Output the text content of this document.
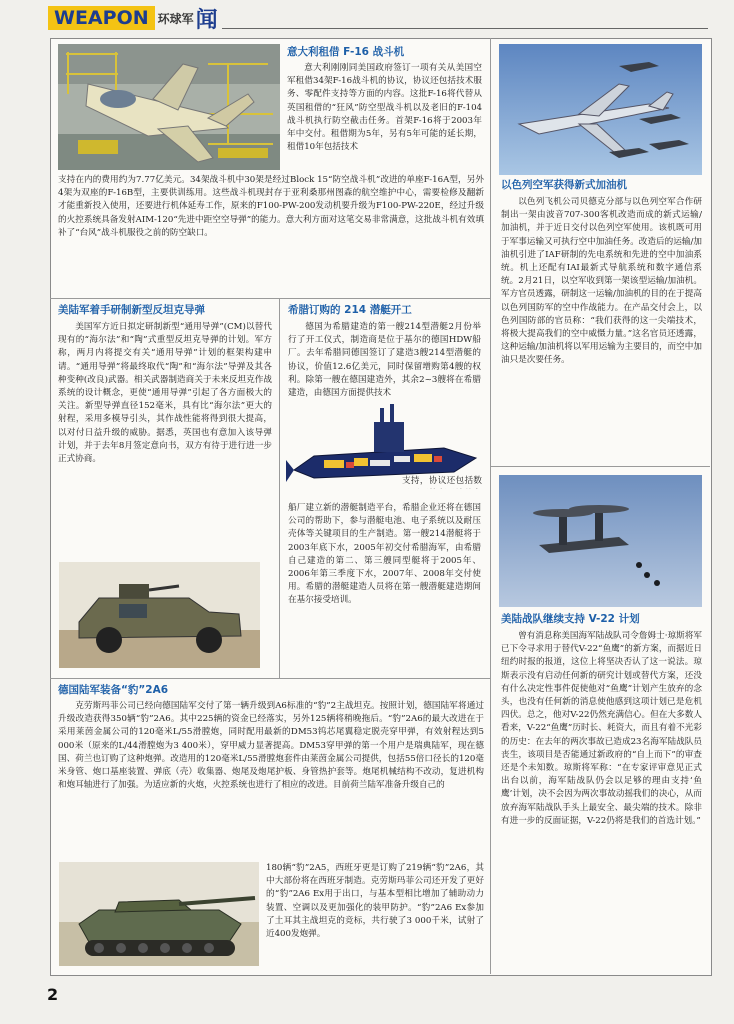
WEAPON 环球军 闻
意大利租借 F-16 战斗机

意大利刚刚同美国政府签订一项有关从美国空军租借34架F-16战斗机的协议，协议还包括技术服务、零配件支持等方面的内容。这批F-16将代替从英国租借的“狂风”防空型战斗机以及老旧的F-104战斗机执行防空截击任务。首架F-16将于2003年年中交付。租借期为5年，另有5年可能的延长期，租借10年包括技术

支持在内的费用约为7.77亿美元。34架战斗机中30架是经过Block 15“防空战斗机”改进的单座F-16A型，另外4架为双座的F-16B型，主要供训练用。这些战斗机现封存于亚利桑那州图森的航空维护中心，需要检修及翻新才能重新投入使用，还要进行机体延寿工作，原来的F100-PW-200发动机要升级为F100-PW-220E，经过升级的火控系统具备发射AIM-120“先进中距空空导弹”的能力。意大利方面对这笔交易非常满意，这批战斗机有效填补了“台风”战斗机服役之前的防空缺口。

以色列空军获得新式加油机

以色列飞机公司贝德克分部与以色列空军合作研制出一架由波音707-300客机改造而成的新式运输/加油机，并于近日交付以色列空军使用。该机既可用于军事运输又可执行空中加油任务。改造后的运输/加油机引进了IAF研制的先电系统和先进的空中加油系统。机上还配有IAI最新式导航系统和数字通信系统。2月21日，以空军收到第一架该型运输/加油机。军方官员透露，研制这一运输/加油机的目的在于提高以色列国防军的空中作战能力。在产品交付会上，以色列国防部的官员称：“我们获得的这一尖端技术，将极大提高我们的空中威慑力量。”这名官员还透露，这种运输/加油机将以军用运输为主要目的，而空中加油只是次要任务。

美陆军着手研制新型反坦克导弹

美国军方近日拟定研制新型“通用导弹”(CM)以替代现有的“海尔法”和“陶”式重型反坦克导弹的计划。军方称，两月内将提交有关“通用导弹”计划的框架构建申请。“通用导弹”将最终取代“陶”和“海尔法”导弹及其各种变种(改良)武器。相关武器制造商关于未来反坦克作战系统的设计概念，更使“通用导弹”引起了各方面极大的关注。新型导弹直径152毫米，具有比“海尔法”更大的射程，采用多模导引头，其作战性能将得到很大提高，以对付日益升级的威胁。据悉，英国也有意加入该导弹计划，并于去年8月签定意向书，双方有待于进行进一步正式协商。

希腊订购的 214 潜艇开工

德国为希腊建造的第一艘214型潜艇2月份举行了开工仪式，制造商是位于基尔的德国HDW船厂。去年希腊同德国签订了建造3艘214型潜艇的协议，价值12.6亿美元，同时保留增购第4艘的权利。除第一艘在德国建造外，其余2~3艘将在希腊建造，由德国方面提供技术

支持，协议还包括数

船厂建立新的潜艇制造平台，希腊企业还将在德国公司的帮助下，参与潜艇电池、电子系统以及耐压壳体等关键项目的生产制造。第一艘214潜艇将于2003年底下水，2005年初交付希腊海军，由希腊自己建造的第二、第三艘同型艇将于2005年、2006年第三季度下水，2007年、2008年交付使用。希腊的潜艇建造人员将在第一艘潜艇建造期间在基尔接受培训。

美陆战队继续支持 V-22 计划

曾有消息称美国海军陆战队司令詹姆士·琼斯将军已下令寻求用于替代V-22“鱼鹰”的新方案，而据近日纽约时报的报道，这位上将坚决否认了这一说法。琼斯表示没有启动任何新的研究计划或替代方案，还没有什么决定性事件促使他对“鱼鹰”计划产生放弃的念头，也没有任何新的消息使他感到这项计划已是危机四伏。总之，他对V-22仍然充满信心。但在大多数人看来，V-22“鱼鹰”历时长、耗资大，而且有着不光彩的历史：在去年的两次事故已造成23名海军陆战队员丧生，该项目是否能通过新政府的“自上而下”的审查还是个未知数。琼斯将军称：“在专家评审意见正式出台以前，海军陆战队仍会以足够的理由支持‘鱼鹰’计划，决不会因为两次事故动摇我们的决心，从而放弃海军陆战队手头上最安全、最尖端的技术。除非有进一步的反面证据，V-22仍将是我们的首选计划。”

德国陆军装备“豹”2A6

克劳斯玛菲公司已经向德国陆军交付了第一辆升级到A6标准的“豹”2主战坦克。按照计划，德国陆军将通过升级改造获得350辆“豹”2A6。其中225辆的资金已经落实，另外125辆将稍晚拖后。“豹”2A6的最大改进在于采用莱茵金属公司的120毫米L/55滑膛炮，同时配用最新的DM53钨芯尾翼稳定脱壳穿甲弹，有效射程达到5 000米（原来的L/44滑膛炮为3 400米），穿甲威力显著提高。DM53穿甲弹的第一个用户是瑞典陆军，现在德国、荷兰也订购了这种炮弹。改造用的120毫米L/55滑膛炮套件由莱茵金属公司提供，包括55倍口径长的120毫米身管、炮口基座装置、弹底（壳）收集器、炮尾及炮尾护板、身管热护套等。炮尾机械结构不改动，复进机构和炮耳轴进行了加强。为适应新的火炮，火控系统也进行了相应的改进。目前荷兰陆军准备升级自己的

180辆“豹”2A5，西班牙更是订购了219辆“豹”2A6，其中大部份将在西班牙制造。克劳斯玛菲公司还开发了更好的“豹”2A6 Ex用于出口，与基本型相比增加了辅助动力装置、空调以及更加强化的装甲防护。“豹”2A6 Ex参加了土耳其主战坦克的竞标，共行驶了3 000千米，试射了近400发炮弹。

2
